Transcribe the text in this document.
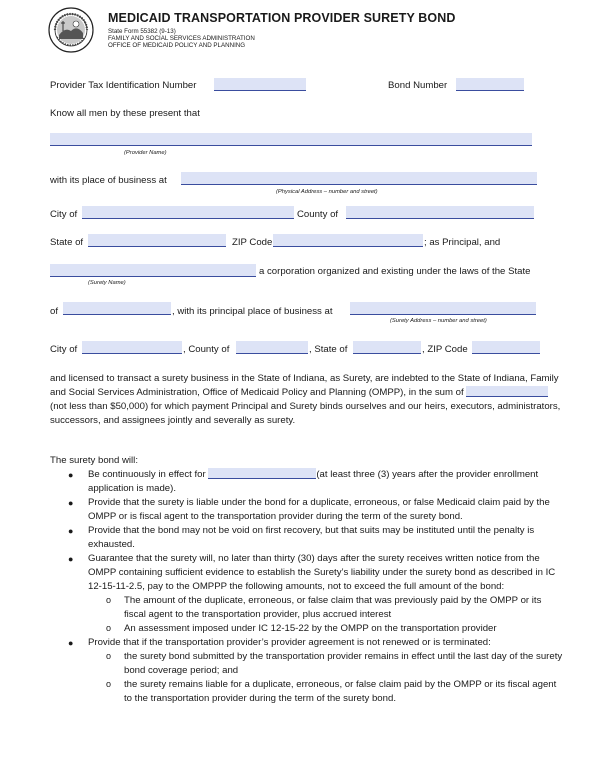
MEDICAID TRANSPORTATION PROVIDER SURETY BOND
State Form 55382 (9-13)
FAMILY AND SOCIAL SERVICES ADMINISTRATION
OFFICE OF MEDICAID POLICY AND PLANNING
Provider Tax Identification Number	Bond Number
Know all men by these present that
(Provider Name)
with its place of business at
(Physical Address – number and street)
City of	County of
State of	ZIP Code	; as Principal, and
a corporation organized and existing under the laws of the State
(Surety Name)
of	, with its principal place of business at
(Surety Address – number and street)
City of	, County of	, State of	, ZIP Code
and licensed to transact a surety business in the State of Indiana, as Surety, are indebted to the State of Indiana, Family and Social Services Administration, Office of Medicaid Policy and Planning (OMPP), in the sum of  (not less than $50,000) for which payment Principal and Surety binds ourselves and our heirs, executors, administrators, successors, and assignees jointly and severally as surety.
The surety bond will:
● Be continuously in effect for	(at least three (3) years after the provider enrollment application is made).
● Provide that the surety is liable under the bond for a duplicate, erroneous, or false Medicaid claim paid by the OMPP or is fiscal agent to the transportation provider during the term of the surety bond.
● Provide that the bond may not be void on first recovery, but that suits may be instituted until the penalty is exhausted.
● Guarantee that the surety will, no later than thirty (30) days after the surety receives written notice from the OMPP containing sufficient evidence to establish the Surety’s liability under the surety bond as described in IC 12-15-11-2.5, pay to the OMPPP the following amounts, not to exceed the full amount of the bond:
o The amount of the duplicate, erroneous, or false claim that was previously paid by the OMPP or its fiscal agent to the transportation provider, plus accrued interest
o An assessment imposed under IC 12-15-22 by the OMPP on the transportation provider
● Provide that if the transportation provider’s provider agreement is not renewed or is terminated:
o the surety bond submitted by the transportation provider remains in effect until the last day of the surety bond coverage period; and
o the surety remains liable for a duplicate, erroneous, or false claim paid by the OMPP or its fiscal agent to the transportation provider during the term of the surety bond.
